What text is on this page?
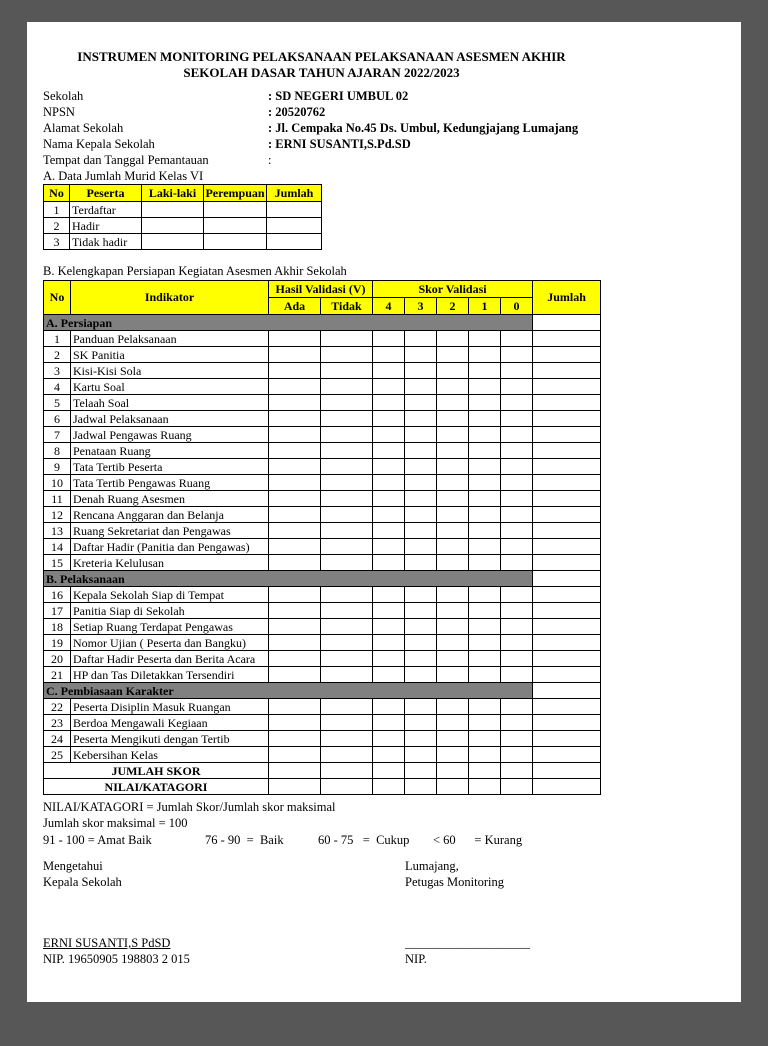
INSTRUMEN MONITORING PELAKSANAAN PELAKSANAAN ASESMEN AKHIR
SEKOLAH DASAR TAHUN AJARAN 2022/2023
Sekolah	: SD NEGERI UMBUL 02
NPSN	: 20520762
Alamat Sekolah	: Jl. Cempaka No.45 Ds. Umbul, Kedungjajang Lumajang
Nama Kepala Sekolah	: ERNI SUSANTI,S.Pd.SD
Tempat dan Tanggal Pemantauan	:
A. Data Jumlah Murid Kelas VI
No	Peserta	Laki-laki	Perempuan	Jumlah
1	Terdaftar			
2	Hadir			
3	Tidak hadir			
B. Kelengkapan Persiapan Kegiatan Asesmen Akhir Sekolah
No	Indikator	Hasil Validasi (V)		Skor Validasi					Jumlah
		Ada	Tidak	4	3	2	1	0	
A. Persiapan									
1	Panduan Pelaksanaan								
2	SK Panitia								
3	Kisi-Kisi Sola								
4	Kartu Soal								
5	Telaah Soal								
6	Jadwal Pelaksanaan								
7	Jadwal Pengawas Ruang								
8	Penataan Ruang								
9	Tata Tertib Peserta								
10	Tata Tertib Pengawas Ruang								
11	Denah Ruang Asesmen								
12	Rencana Anggaran dan Belanja								
13	Ruang Sekretariat dan Pengawas								
14	Daftar Hadir (Panitia dan Pengawas)								
15	Kreteria Kelulusan								
B. Pelaksanaan									
16	Kepala Sekolah Siap di Tempat								
17	Panitia Siap di Sekolah								
18	Setiap Ruang Terdapat Pengawas								
19	Nomor Ujian ( Peserta dan Bangku)								
20	Daftar Hadir Peserta dan Berita Acara								
21	HP dan Tas Diletakkan Tersendiri								
C. Pembiasaan Karakter									
22	Peserta Disiplin Masuk Ruangan								
23	Berdoa Mengawali Kegiaan								
24	Peserta Mengikuti dengan Tertib								
25	Kebersihan Kelas								
JUMLAH SKOR									
NILAI/KATAGORI									
NILAI/KATAGORI = Jumlah Skor/Jumlah skor maksimal
Jumlah skor maksimal = 100
91 - 100 = Amat Baik	76 - 90  =  Baik	60 - 75   =  Cukup < 60      = Kurang
Mengetahui
Kepala Sekolah
ERNI SUSANTI,S PdSD
NIP. 19650905 198803 2 015
Lumajang,
Petugas Monitoring
____________________
NIP.
